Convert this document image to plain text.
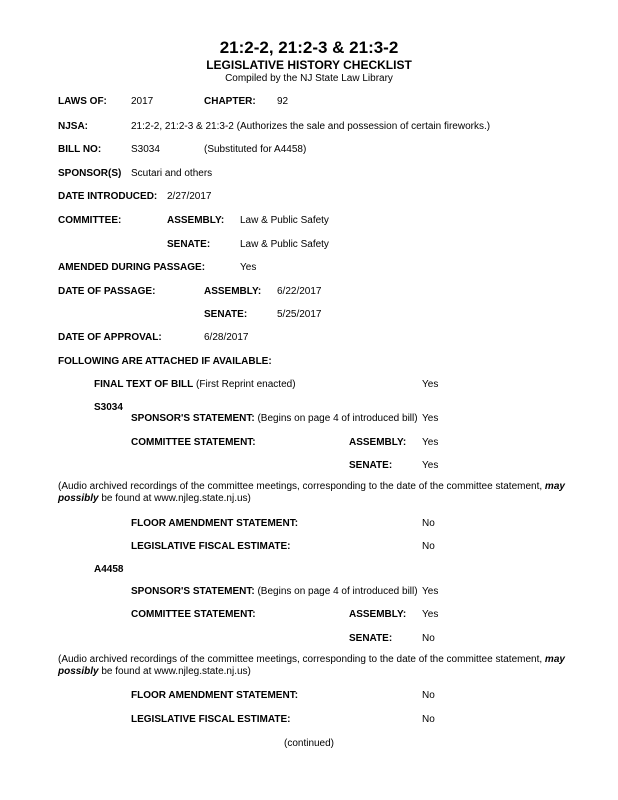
21:2-2, 21:2-3 & 21:3-2
LEGISLATIVE HISTORY CHECKLIST
Compiled by the NJ State Law Library
LAWS OF: 2017	CHAPTER: 92
NJSA:	21:2-2, 21:2-3 & 21:3-2 (Authorizes the sale and possession of certain fireworks.)
BILL NO:	S3034	(Substituted for A4458)
SPONSOR(S) Scutari and others
DATE INTRODUCED: 2/27/2017
COMMITTEE:	ASSEMBLY: Law & Public Safety
SENATE:	Law & Public Safety
AMENDED DURING PASSAGE:	Yes
DATE OF PASSAGE:	ASSEMBLY: 6/22/2017
SENATE:	5/25/2017
DATE OF APPROVAL:	6/28/2017
FOLLOWING ARE ATTACHED IF AVAILABLE:
FINAL TEXT OF BILL (First Reprint enacted)	Yes
S3034
SPONSOR'S STATEMENT: (Begins on page 4 of introduced bill) Yes
COMMITTEE STATEMENT:	ASSEMBLY: Yes
SENATE:	Yes
(Audio archived recordings of the committee meetings, corresponding to the date of the committee statement, may possibly be found at www.njleg.state.nj.us)
FLOOR AMENDMENT STATEMENT:	No
LEGISLATIVE FISCAL ESTIMATE:	No
A4458
SPONSOR'S STATEMENT: (Begins on page 4 of introduced bill) Yes
COMMITTEE STATEMENT:	ASSEMBLY: Yes
SENATE:	No
(Audio archived recordings of the committee meetings, corresponding to the date of the committee statement, may possibly be found at www.njleg.state.nj.us)
FLOOR AMENDMENT STATEMENT:	No
LEGISLATIVE FISCAL ESTIMATE:	No
(continued)
